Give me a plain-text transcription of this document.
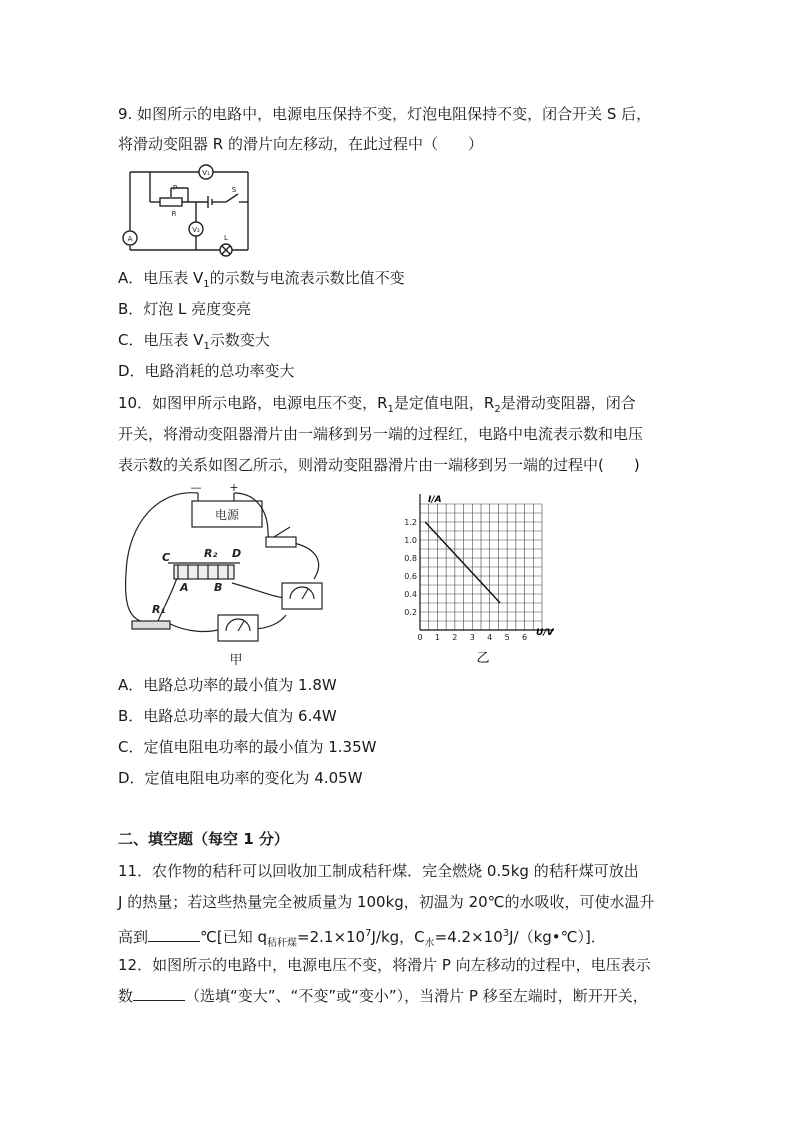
9. 如图所示的电路中，电源电压保持不变，灯泡电阻保持不变，闭合开关 S 后，
将滑动变阻器 R 的滑片向左移动，在此过程中（　　）
V₁
V₂
A
P
R
S
L
A．电压表 $V_1$的示数与电流表示数比值不变
B．灯泡 L 亮度变亮
C．电压表 $V_1$示数变大
D．电路消耗的总功率变大
10．如图甲所示电路，电源电压不变，$R_1$是定值电阻，$R_2$是滑动变阻器，闭合
开关，将滑动变阻器滑片由一端移到另一端的过程红，电路中电流表示数和电压
表示数的关系如图乙所示，则滑动变阻器滑片由一端移到另一端的过程中(　　)
电源
—	+
C	D
A B
R₂
R₁
甲
0 1 2 3 4 5 6
0.2
0.4
0.6
0.8
1.0
1.2
I/A
U/V
乙
A．电路总功率的最小值为 1.8W
B．电路总功率的最大值为 6.4W
C．定值电阻电功率的最小值为 1.35W
D．定值电阻电功率的变化为 4.05W
二、填空题（每空 1 分）
11．农作物的秸秆可以回收加工制成秸秆煤．完全燃烧 0.5kg 的秸秆煤可放出
J 的热量；若这些热量完全被质量为 100kg，初温为 20℃的水吸收，可使水温升
高到	℃[已知 $q_{秸秆煤}=2.1\times 10^7J/kg$，$C_水=4.2\times 10^3J/(kg•℃)$]．
12．如图所示的电路中，电源电压不变，将滑片 P 向左移动的过程中，电压表示
数	（选填“变大”、“不变”或“变小”），当滑片 P 移至左端时，断开开关，
